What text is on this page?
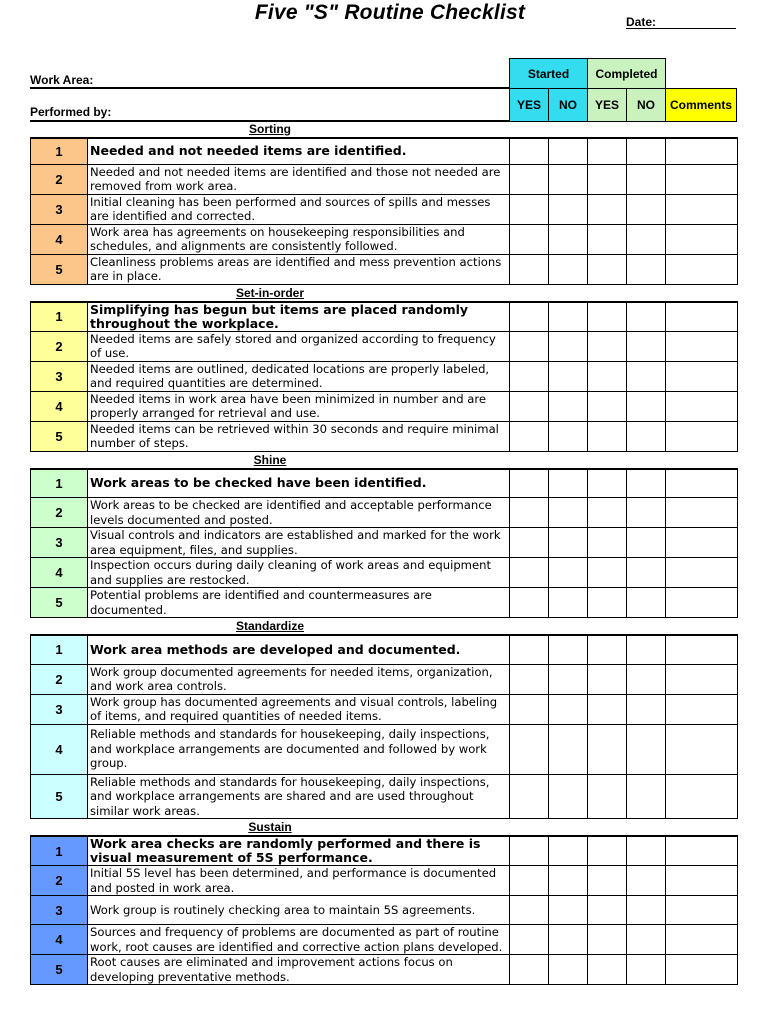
Five "S" Routine Checklist	Date:
Work Area:
Performed by:
Started	Completed
YES	NO	YES	NO	Comments
Sorting						
1	Needed and not needed items are identified.					
2	Needed and not needed items are identified and those not needed are removed from work area.					
3	Initial cleaning has been performed and sources of spills and messes are identified and corrected.					
4	Work area has agreements on housekeeping responsibilities and schedules, and alignments are consistently followed.					
5	Cleanliness problems areas are identified and mess prevention actions are in place.					
Set-in-order						
1	Simplifying has begun but items are placed randomly throughout the workplace.					
2	Needed items are safely stored and organized according to frequency of use.					
3	Needed items are outlined, dedicated locations are properly labeled, and required quantities are determined.					
4	Needed items in work area have been minimized in number and are properly arranged for retrieval and use.					
5	Needed items can be retrieved within 30 seconds and require minimal number of steps.					
Shine						
1	Work areas to be checked have been identified.					
2	Work areas to be checked are identified and acceptable performance levels documented and posted.					
3	Visual controls and indicators are established and marked for the work area equipment, files, and supplies.					
4	Inspection occurs during daily cleaning of work areas and equipment and supplies are restocked.					
5	Potential problems are identified and countermeasures are documented.					
Standardize						
1	Work area methods are developed and documented.					
2	Work group documented agreements for needed items, organization, and work area controls.					
3	Work group has documented agreements and visual controls, labeling of items, and required quantities of needed items.					
4	Reliable methods and standards for housekeeping, daily inspections, and workplace arrangements are documented and followed by work group.					
5	Reliable methods and standards for housekeeping, daily inspections, and workplace arrangements are shared and are used throughout similar work areas.					
Sustain						
1	Work area checks are randomly performed and there is visual measurement of 5S performance.					
2	Initial 5S level has been determined, and performance is documented and posted in work area.					
3	Work group is routinely checking area to maintain 5S agreements.					
4	Sources and frequency of problems are documented as part of routine work, root causes are identified and corrective action plans developed.					
5	Root causes are eliminated and improvement actions focus on developing preventative methods.					
